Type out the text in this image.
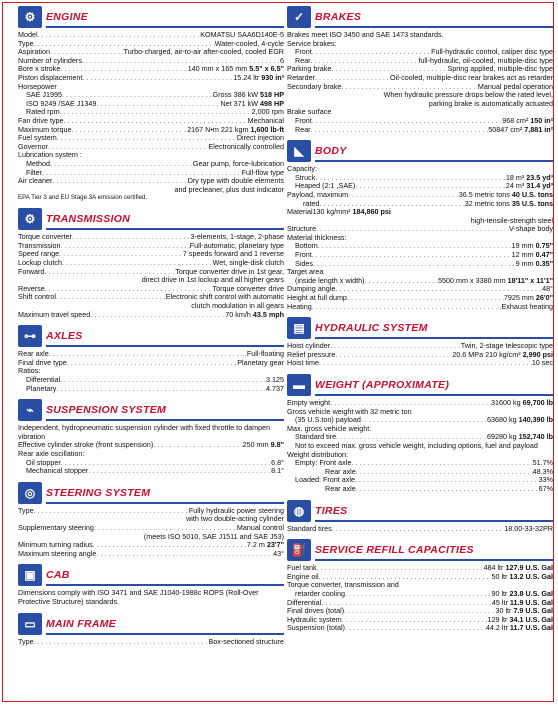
⚙	ENGINE
Model . . .	KOMATSU SAA6D140E-5
Type . . .	Water-cooled, 4-cycle
Aspiration . . .	Turbo-charged, air-to-air after-cooled, cooled EGR
Number of cylinders . . .	6
Bore x stroke . . .	140 mm x 165 mm 5.5" x 6.5"
Piston displacement . . .	15.24 ltr 930 in³
Horsepower
SAE J1995 . . .	Gross 386 kW 518 HP
ISO 9249 /SAE J1349 . . .	Net 371 kW 498 HP
Rated rpm . . .	2,000 rpm
Fan drive type . . .	Mechanical
Maximum torque . . .	2167 N•m 221 kgm 1,600 lb-ft
Fuel system . . .	Direct injection
Governor . . .	Electronically controlled
Lubrication system :
Method . . .	Gear pump, force-lubrication
Filter . . .	Full-flow type
Air cleaner . . .	Dry type with double elements
and precleaner, plus dust indicator
EPA Tier 3 and EU Stage 3A emission certified.
⚙	TRANSMISSION
Torque converter . . .	3-elements, 1-stage, 2-phase
Transmission . . .	Full-automatic, planetary type
Speed range . . .	7 speeds forward and 1 reverse
Lockup clutch . . .	Wet, single-disk clutch
Forward . . .	Torque converter drive in 1st gear,
direct drive in 1st lockup and all higher gears
Reverse . . .	Torque converter drive
Shift control . . .	Electronic shift control with automatic
clutch modulation in all gears
Maximum travel speed . . .	70 km/h 43.5 mph
⊶ AXLES
Rear axle . . .	Full-floating
Final drive type . . .	Planetary gear
Ratios:
Differential . . .	3.125
Planetary . . .	4.737
⌁	SUSPENSION SYSTEM
Independent, hydropneumatic suspension cylinder with fixed throttle to dampen vibration
Effective cylinder stroke (front suspension) . . .	250 mm 9.8"
Rear axle oscillation:
Oil stopper . . .	6.8°
Mechanical stopper . . .	8.1°
◎	STEERING SYSTEM
Type . . .	Fully hydraulic power steering
with two double-acting cylinder
Supplementary steering . . .	Manual control
(meets ISO 5010, SAE J1511 and SAE J53)
Minimum turning radius . . .	7.2 m 23'7"
Maximum steering angle . . .	43°
▣ CAB
Dimensions comply with ISO 3471 and SAE J1040-1988c ROPS (Roll-Over Protective Structure) standards.
▭ MAIN FRAME
Type . . .	Box-sectioned structure
✓	BRAKES
Brakes meet ISO 3450 and SAE 1473 standards.
Service brakes:
Front . . .	Full-hydraulic control, caliper disc type
Rear . . .	full-hydraulic, oil-cooled, multiple-disc type
Parking brake . . .	Spring applied, multiple-disc type
Retarder . . .	Oil-cooled, multiple-disc rear brakes act as retarder
Secondary brake . . .	Manual pedal operation
When hydraulic pressure drops below the rated level,
parking brake is automatically actuated
Brake surface
Front . . .	968 cm² 150 in²
Rear . . .	50847 cm² 7,881 in²
◣	BODY
Capacity:
Struck . . .	18 m³ 23.5 yd³
Heaped (2:1 ,SAE) . . .	24 m³ 31.4 yd³
Payload, maximum . . .	36.5 metric tons 40 U.S. tons
rated . . .	32 metric tons 35 U.S. tons
Material130 kg/mm² 184,860 psi
high-tensile-strength steel
Structure . . .	V-shape body
Material thickness:
Bottom . . .	19 mm 0.75"
Front . . .	12 mm 0.47"
Sides . . .	9 mm 0.35"
Target area
(inside length x width) . . .	5500 mm x 3380 mm 18'11" x 11'1"
Dumping angle . . .	48°
Height at full dump . . .	7925 mm 26'0"
Heating . . .	Exhaust heating
▤ HYDRAULIC SYSTEM
Hoist cylinder . . .	Twin, 2-stage telescopic type
Relief pressure . . .	20.6 MPa 210 kg/cm² 2,990 psi
Hoist time . . .	10 sec
▬ WEIGHT (APPROXIMATE)
Empty weight . . .	31600 kg 69,700 lb
Gross vehicle weight with 32 metric ton
(35 U.S.ton) payload . . .	63680 kg 140,390 lb
Max. gross vehicle weight:
Standard tire . . .	69280 kg 152,740 lb
Not to exceed max. gross vehicle weight, including options, fuel and payload
Weight distribution:
Empty: Front axle . . .	51.7%
Rear axle . . .	48.3%
Loaded: Front axle . . .	33%
Rear axle . . .	67%
◍	TIRES
Standard tires . . .	18.00-33-32PR
⛽ SERVICE REFILL CAPACITIES
Fuel tank . . .	484 ltr 127.9 U.S. Gal
Engine oil . . .	50 ltr 13.2 U.S. Gal
Torque converter, transmission and
retarder cooling . . .	90 ltr 23.8 U.S. Gal
Differential . . .	45 ltr 11.9 U.S. Gal
Final drives (total) . . .	30 ltr 7.9 U.S. Gal
Hydraulic system . . .	129 ltr 34.1 U.S. Gal
Suspension (total) . . .	44.2 ltr 11.7 U.S. Gal
